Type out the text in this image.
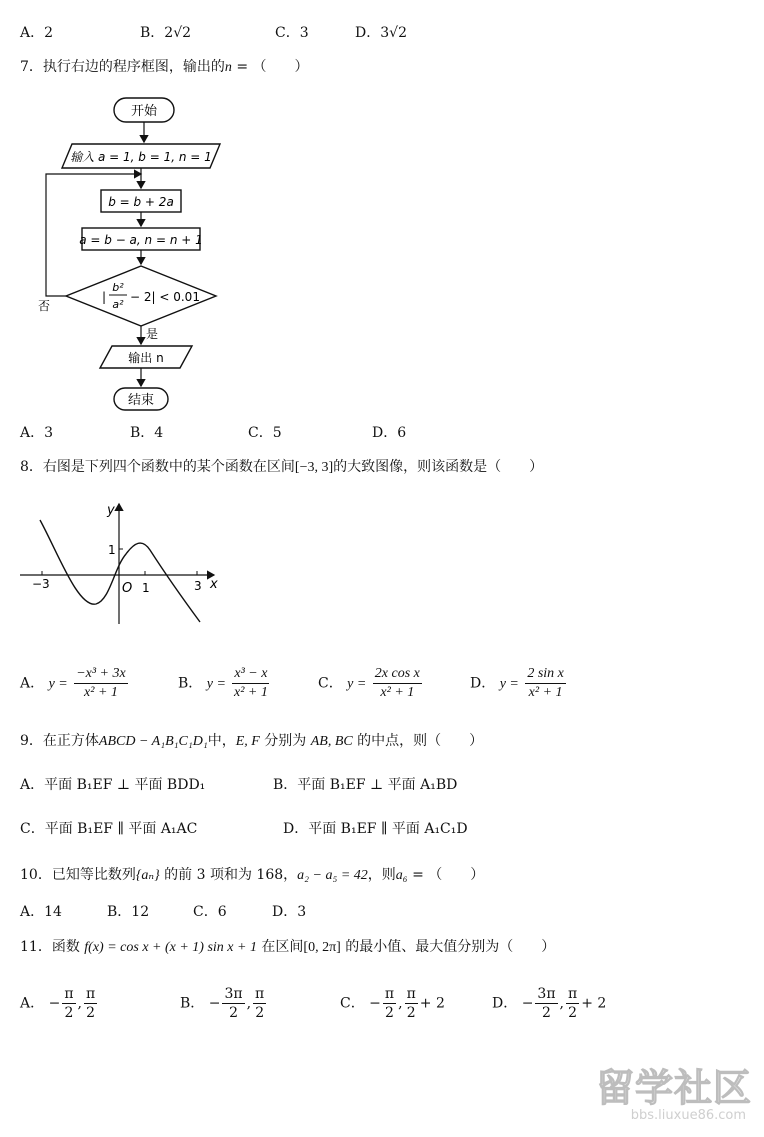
A．2	B．2√2	C．3	D．3√2
7．执行右边的程序框图，输出的n = （　　）
开始
输入 a = 1, b = 1, n = 1
b = b + 2a
a = b − a, n = n + 1
|
b²
a²
− 2| < 0.01
否
是
输出 n
结束
A．3	B．4	C．5	D．6
8．右图是下列四个函数中的某个函数在区间[−3, 3]的大致图像，则该函数是（　　）
y
x
O
−3	1	3
1
A． $y = \frac{\text{−x³ + 3x}}{\text{x² + 1}}$	B． $y = \frac{\text{x³ − x}}{\text{x² + 1}}$	C． $y = \frac{\text{2x cos x}}{\text{x² + 1}}$	D． $y = \frac{\text{2 sin x}}{\text{x² + 1}}$
9．在正方体ABCD − A₁B₁C₁D₁中，E, F 分别为 AB, BC 的中点，则（　　）
A．平面 B₁EF ⊥ 平面 BDD₁	B．平面 B₁EF ⊥ 平面 A₁BD
C．平面 B₁EF ∥ 平面 A₁AC	D．平面 B₁EF ∥ 平面 A₁C₁D
10．已知等比数列{aₙ} 的前 3 项和为 168，a₂ − a₅ = 42，则a₆ = （　　）
A．14	B．12	C．6	D．3
11．函数 f(x) = cos x + (x + 1) sin x + 1 在区间[0, 2π] 的最小值、最大值分别为（　　）
A． − $\frac{\pi}{2}$ , $\frac{\pi}{2}$	B． − $\frac{3\pi}{2}$ , $\frac{\pi}{2}$	C． − $\frac{\pi}{2}$ , $\frac{\pi}{2} + 2$	D． − $\frac{3\pi}{2}$ , $\frac{\pi}{2} + 2$
留学社区
bbs.liuxue86.com
